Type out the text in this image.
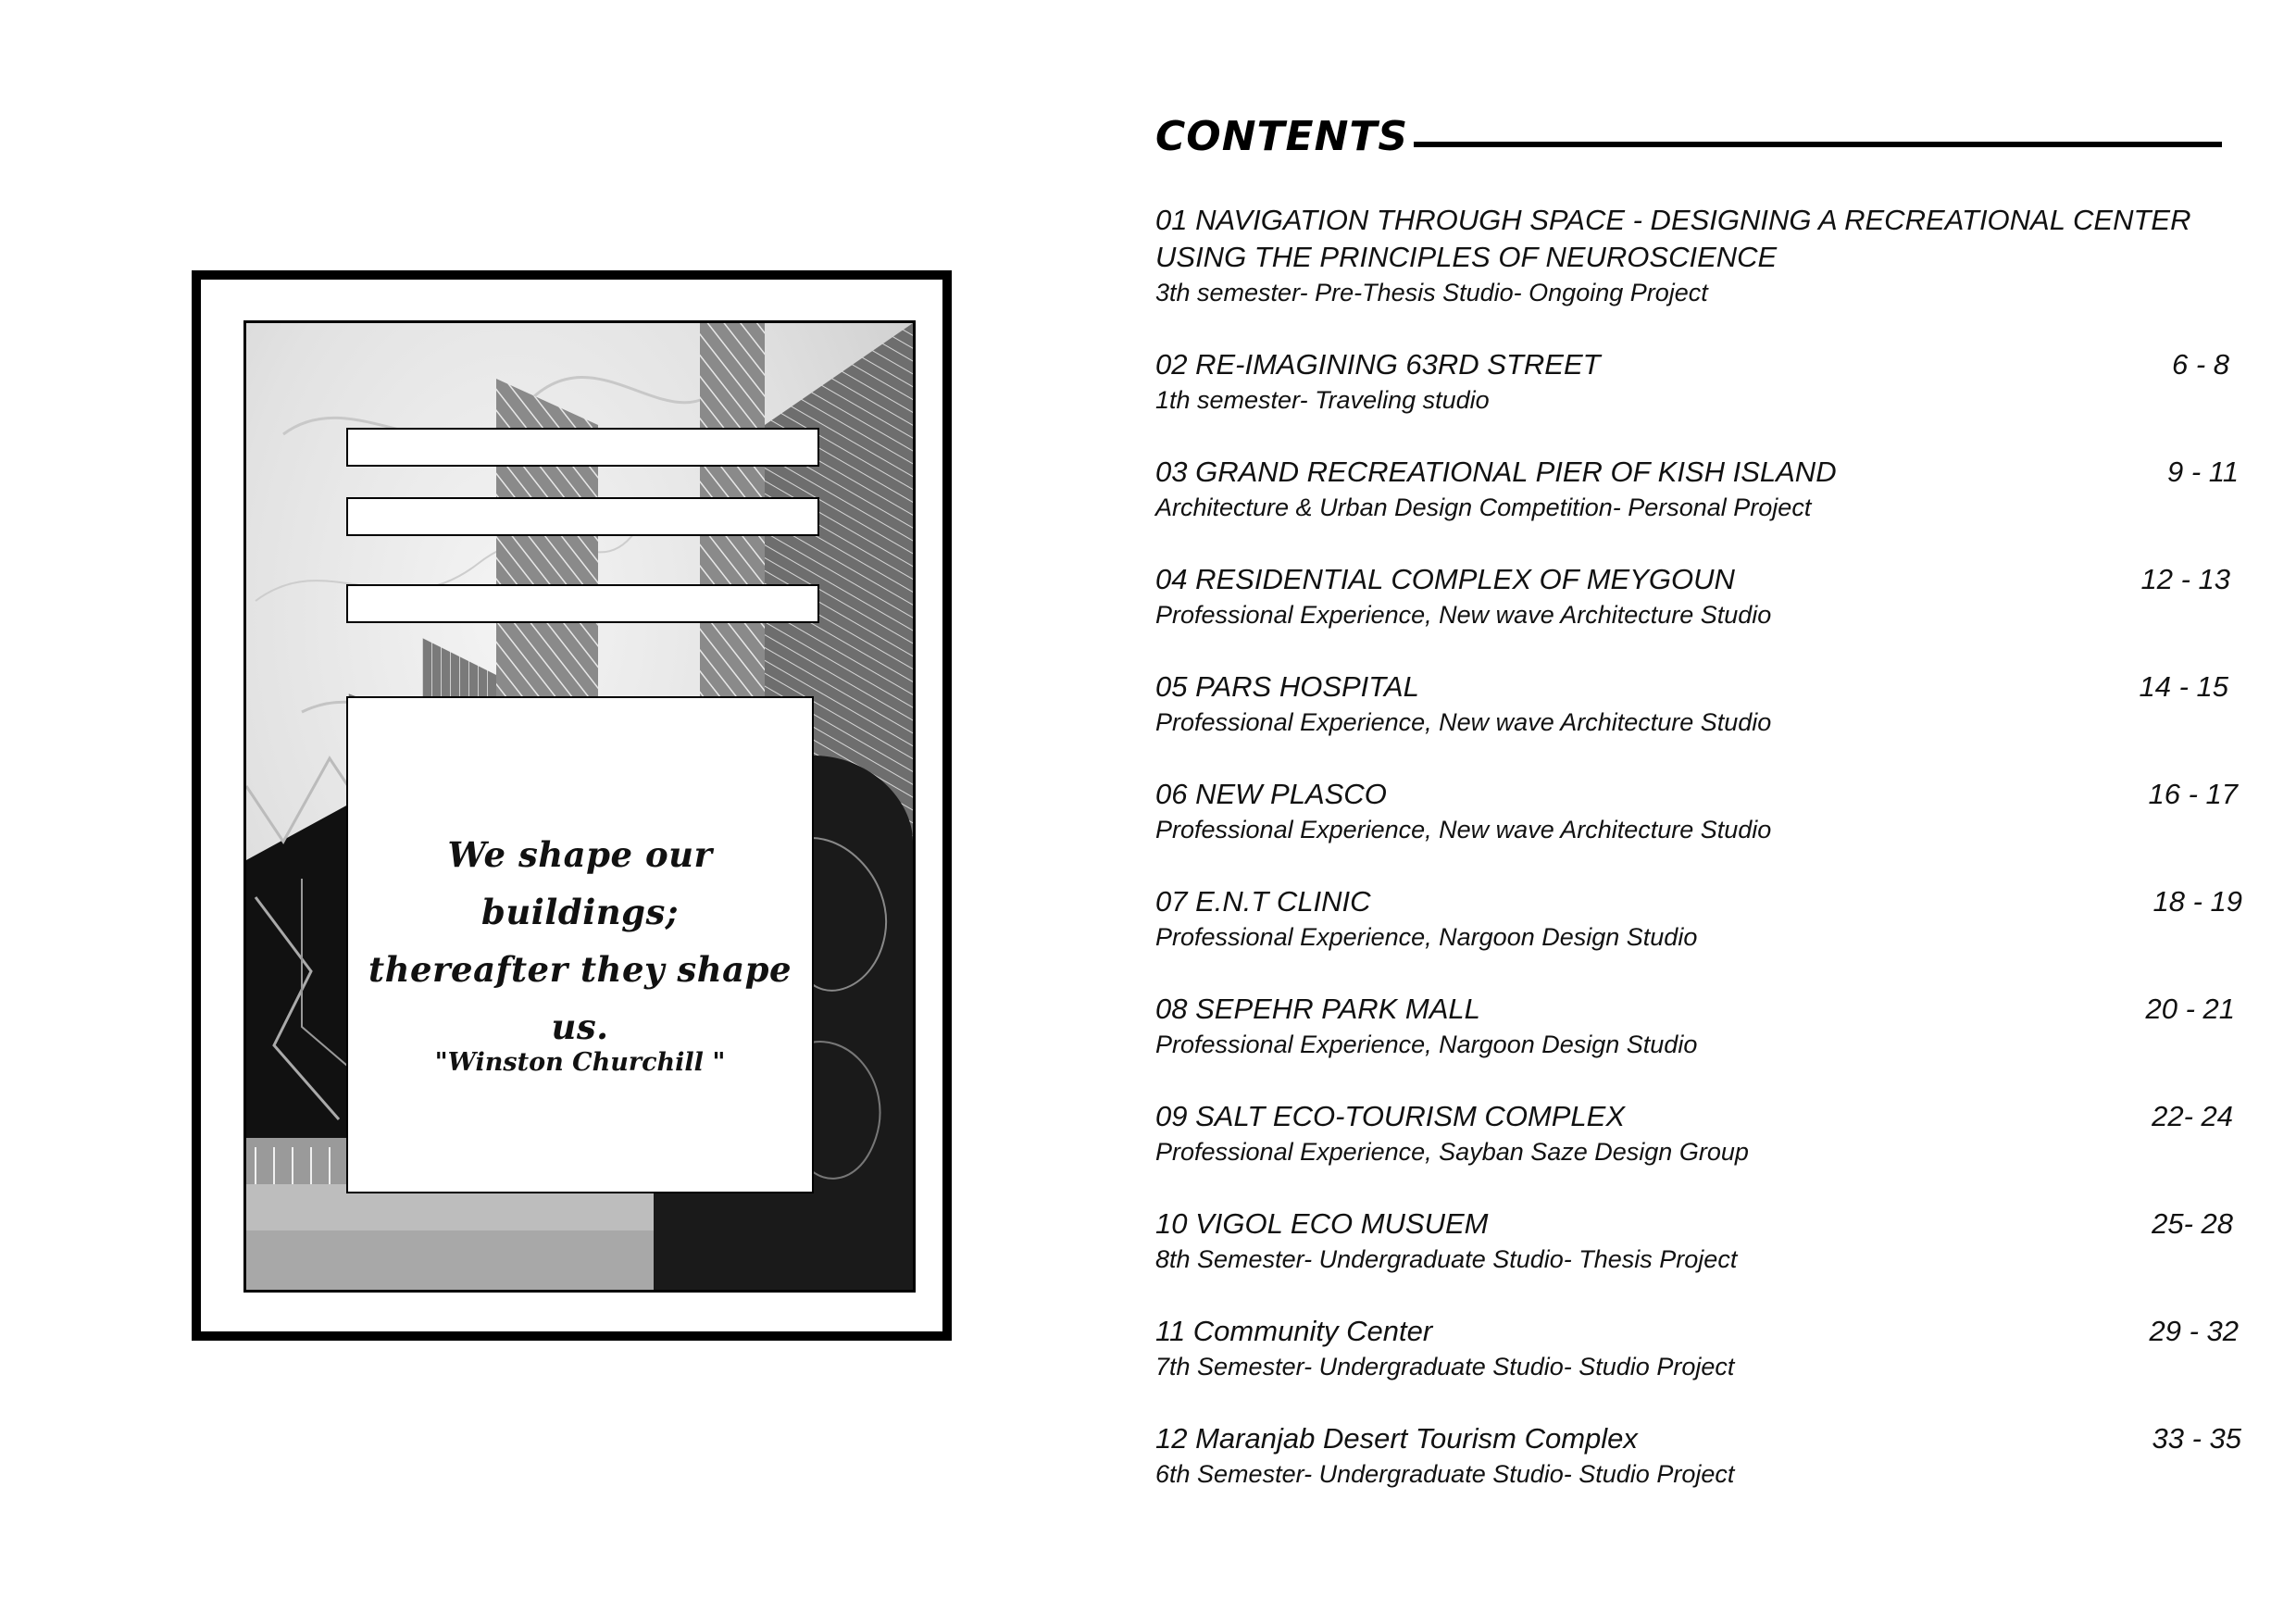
We shape our buildings;
thereafter they shape us.
"Winston Churchill "
CONTENTS
01 NAVIGATION THROUGH SPACE - DESIGNING A RECREATIONAL CENTER USING THE PRINCIPLES OF NEUROSCIENCE
3th semester- Pre-Thesis Studio- Ongoing Project
02 RE-IMAGINING 63RD STREET
1th semester- Traveling studio
6 - 8
03 GRAND RECREATIONAL PIER OF KISH ISLAND
Architecture & Urban Design Competition- Personal Project
9 - 11
04 RESIDENTIAL COMPLEX OF MEYGOUN
Professional Experience, New wave Architecture Studio
12 - 13
05 PARS HOSPITAL
Professional Experience, New wave Architecture Studio
14 - 15
06 NEW PLASCO
Professional Experience, New wave Architecture Studio
16 - 17
07 E.N.T CLINIC
Professional Experience, Nargoon Design Studio
18 - 19
08 SEPEHR PARK MALL
Professional Experience, Nargoon Design Studio
20 - 21
09 SALT ECO-TOURISM COMPLEX
Professional Experience, Sayban Saze Design Group
22- 24
10 VIGOL ECO MUSUEM
8th Semester- Undergraduate Studio- Thesis Project
25- 28
11 Community Center
7th Semester- Undergraduate Studio- Studio Project
29 - 32
12 Maranjab Desert Tourism Complex
6th Semester- Undergraduate Studio- Studio Project
33 - 35
